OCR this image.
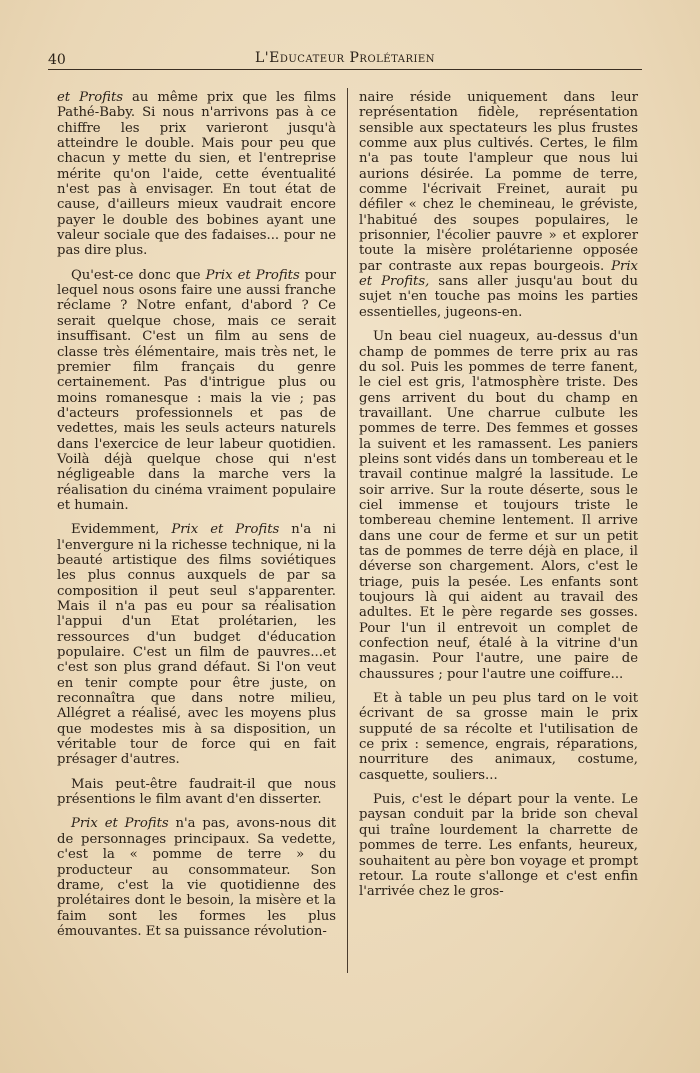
40	L'Educateur Prolétarien

et Profits au même prix que les films Pathé-Baby. Si nous n'arrivons pas à ce chiffre les prix varieront jusqu'à atteindre le double. Mais pour peu que chacun y mette du sien, et l'entreprise mérite qu'on l'aide, cette éventualité n'est pas à envisager. En tout état de cause, d'ailleurs mieux vaudrait encore payer le double des bobines ayant une valeur sociale que des fadaises... pour ne pas dire plus.

Qu'est-ce donc que Prix et Profits pour lequel nous osons faire une aussi franche réclame ? Notre enfant, d'abord ? Ce serait quelque chose, mais ce serait insuffisant. C'est un film au sens de classe très élémentaire, mais très net, le premier film français du genre certainement. Pas d'intrigue plus ou moins romanesque : mais la vie ; pas d'acteurs professionnels et pas de vedettes, mais les seuls acteurs naturels dans l'exercice de leur labeur quotidien. Voilà déjà quelque chose qui n'est négligeable dans la marche vers la réalisation du cinéma vraiment populaire et humain.

Evidemment, Prix et Profits n'a ni l'envergure ni la richesse technique, ni la beauté artistique des films soviétiques les plus connus auxquels de par sa composition il peut seul s'apparenter. Mais il n'a pas eu pour sa réalisation l'appui d'un Etat prolétarien, les ressources d'un budget d'éducation populaire. C'est un film de pauvres...et c'est son plus grand défaut. Si l'on veut en tenir compte pour être juste, on reconnaîtra que dans notre milieu, Allégret a réalisé, avec les moyens plus que modestes mis à sa disposition, un véritable tour de force qui en fait présager d'autres.

Mais peut-être faudrait-il que nous présentions le film avant d'en disserter.

Prix et Profits n'a pas, avons-nous dit de personnages principaux. Sa vedette, c'est la « pomme de terre » du producteur au consommateur. Son drame, c'est la vie quotidienne des prolétaires dont le besoin, la misère et la faim sont les formes les plus émouvantes. Et sa puissance révolution-

naire réside uniquement dans leur représentation fidèle, représentation sensible aux spectateurs les plus frustes comme aux plus cultivés. Certes, le film n'a pas toute l'ampleur que nous lui aurions désirée. La pomme de terre, comme l'écrivait Freinet, aurait pu défiler « chez le chemineau, le gréviste, l'habitué des soupes populaires, le prisonnier, l'écolier pauvre » et explorer toute la misère prolétarienne opposée par contraste aux repas bourgeois. Prix et Profits, sans aller jusqu'au bout du sujet n'en touche pas moins les parties essentielles, jugeons-en.

Un beau ciel nuageux, au-dessus d'un champ de pommes de terre prix au ras du sol. Puis les pommes de terre fanent, le ciel est gris, l'atmosphère triste. Des gens arrivent du bout du champ en travaillant. Une charrue culbute les pommes de terre. Des femmes et gosses la suivent et les ramassent. Les paniers pleins sont vidés dans un tombereau et le travail continue malgré la lassitude. Le soir arrive. Sur la route déserte, sous le ciel immense et toujours triste le tombereau chemine lentement. Il arrive dans une cour de ferme et sur un petit tas de pommes de terre déjà en place, il déverse son chargement. Alors, c'est le triage, puis la pesée. Les enfants sont toujours là qui aident au travail des adultes. Et le père regarde ses gosses. Pour l'un il entrevoit un complet de confection neuf, étalé à la vitrine d'un magasin. Pour l'autre, une paire de chaussures ; pour l'autre une coiffure...

Et à table un peu plus tard on le voit écrivant de sa grosse main le prix supputé de sa récolte et l'utilisation de ce prix : semence, engrais, réparations, nourriture des animaux, costume, casquette, souliers...

Puis, c'est le départ pour la vente. Le paysan conduit par la bride son cheval qui traîne lourdement la charrette de pommes de terre. Les enfants, heureux, souhaitent au père bon voyage et prompt retour. La route s'allonge et c'est enfin l'arrivée chez le gros-
